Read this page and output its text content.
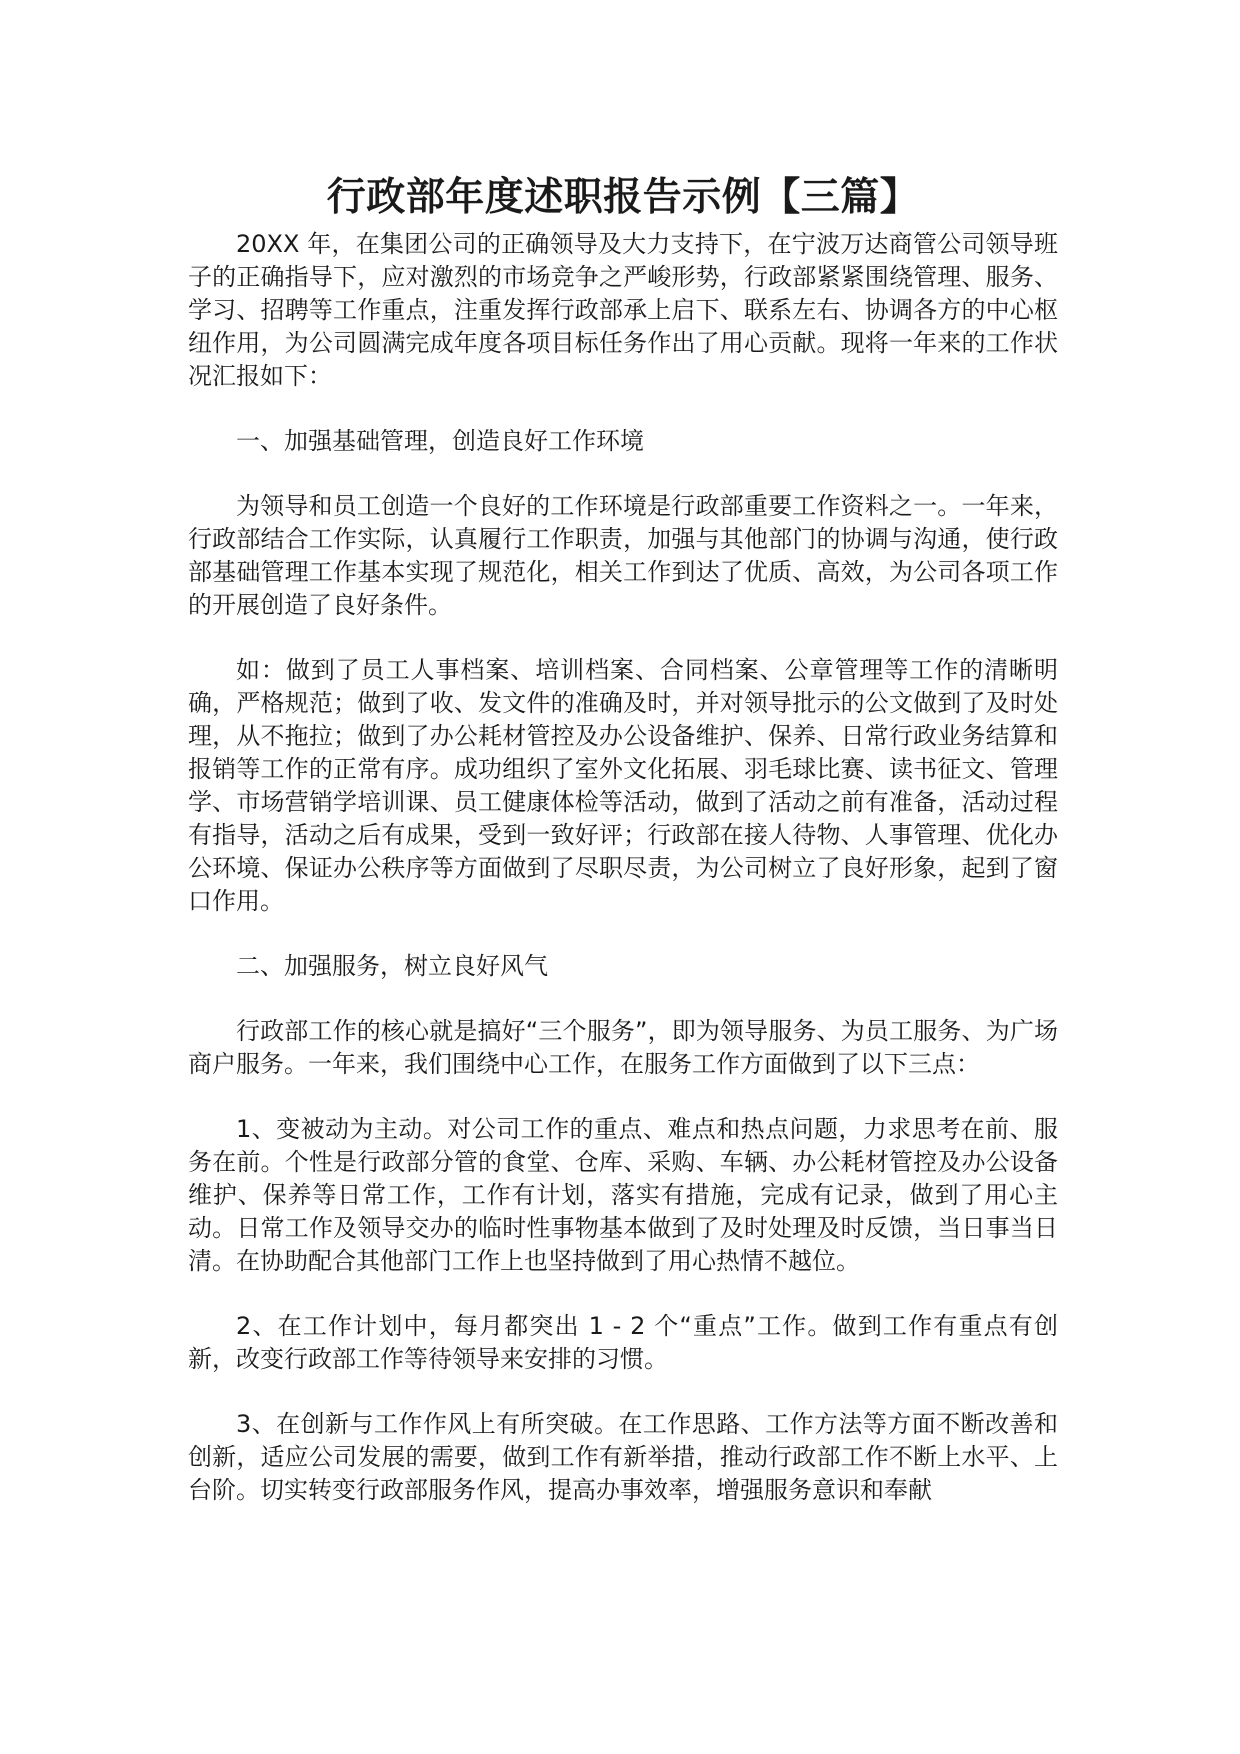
行政部年度述职报告示例【三篇】

20XX 年，在集团公司的正确领导及大力支持下，在宁波万达商管公司领导班子的正确指导下，应对激烈的市场竞争之严峻形势，行政部紧紧围绕管理、服务、学习、招聘等工作重点，注重发挥行政部承上启下、联系左右、协调各方的中心枢纽作用，为公司圆满完成年度各项目标任务作出了用心贡献。现将一年来的工作状况汇报如下：

一、加强基础管理，创造良好工作环境

为领导和员工创造一个良好的工作环境是行政部重要工作资料之一。一年来，行政部结合工作实际，认真履行工作职责，加强与其他部门的协调与沟通，使行政部基础管理工作基本实现了规范化，相关工作到达了优质、高效，为公司各项工作的开展创造了良好条件。

如：做到了员工人事档案、培训档案、合同档案、公章管理等工作的清晰明确，严格规范；做到了收、发文件的准确及时，并对领导批示的公文做到了及时处理，从不拖拉；做到了办公耗材管控及办公设备维护、保养、日常行政业务结算和报销等工作的正常有序。成功组织了室外文化拓展、羽毛球比赛、读书征文、管理学、市场营销学培训课、员工健康体检等活动，做到了活动之前有准备，活动过程有指导，活动之后有成果，受到一致好评；行政部在接人待物、人事管理、优化办公环境、保证办公秩序等方面做到了尽职尽责，为公司树立了良好形象，起到了窗口作用。

二、加强服务，树立良好风气

行政部工作的核心就是搞好“三个服务”，即为领导服务、为员工服务、为广场商户服务。一年来，我们围绕中心工作，在服务工作方面做到了以下三点：

1、变被动为主动。对公司工作的重点、难点和热点问题，力求思考在前、服务在前。个性是行政部分管的食堂、仓库、采购、车辆、办公耗材管控及办公设备维护、保养等日常工作，工作有计划，落实有措施，完成有记录，做到了用心主动。日常工作及领导交办的临时性事物基本做到了及时处理及时反馈，当日事当日清。在协助配合其他部门工作上也坚持做到了用心热情不越位。

2、在工作计划中，每月都突出 1 - 2 个“重点”工作。做到工作有重点有创新，改变行政部工作等待领导来安排的习惯。

3、在创新与工作作风上有所突破。在工作思路、工作方法等方面不断改善和创新，适应公司发展的需要，做到工作有新举措，推动行政部工作不断上水平、上台阶。切实转变行政部服务作风，提高办事效率，增强服务意识和奉献
